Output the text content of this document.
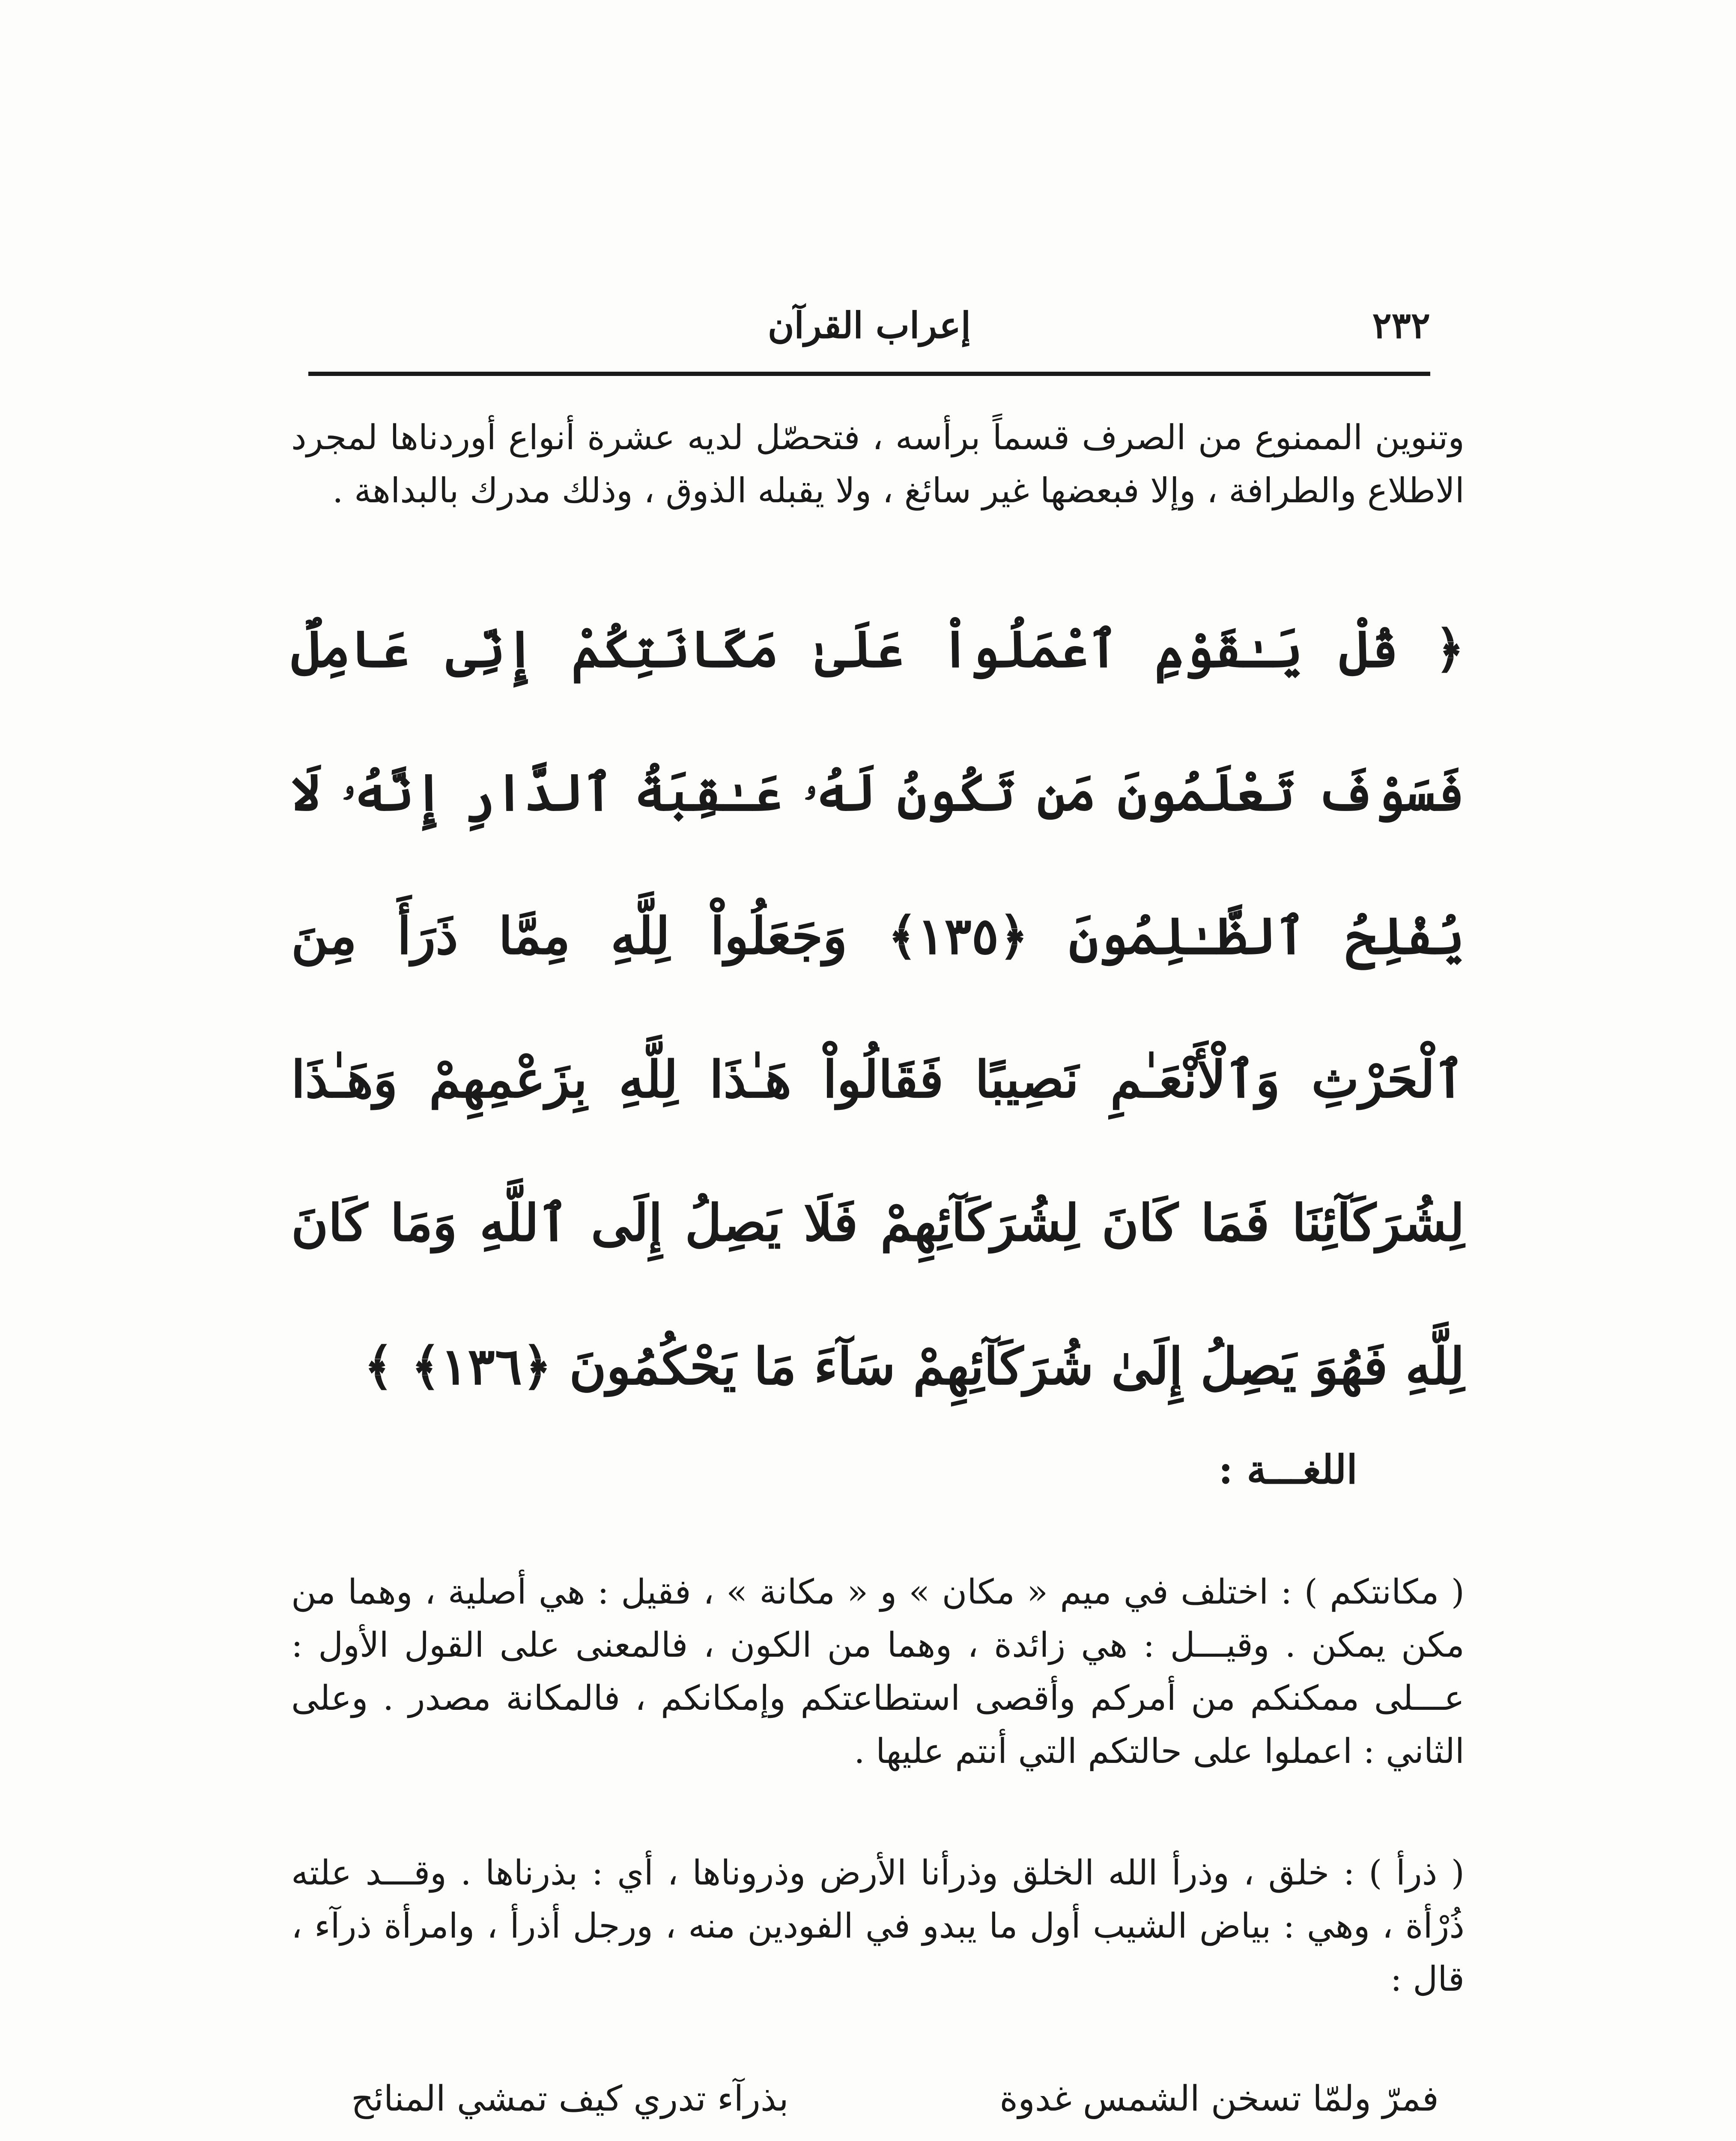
٢٣٢
إعراب القرآن

وتنوين الممنوع من الصرف قسماً برأسه ، فتحصّل لديه عشرة أنواع أوردناها لمجرد الاطلاع والطرافة ، وإلا فبعضها غير سائغ ، ولا يقبله الذوق ، وذلك مدرك بالبداهة .

﴿ قُلْ يَـٰقَوْمِ ٱعْمَلُواْ عَلَىٰ مَكَانَتِكُمْ إِنِّى عَامِلٌ فَسَوْفَ تَعْلَمُونَ مَن تَكُونُ لَهُۥ عَـٰقِبَةُ ٱلدَّارِ إِنَّهُۥ لَا يُفْلِحُ ٱلظَّـٰلِمُونَ ﴿١٣٥﴾ وَجَعَلُواْ لِلَّهِ مِمَّا ذَرَأَ مِنَ ٱلْحَرْثِ وَٱلْأَنْعَـٰمِ نَصِيبًا فَقَالُواْ هَـٰذَا لِلَّهِ بِزَعْمِهِمْ وَهَـٰذَا لِشُرَكَآئِنَا فَمَا كَانَ لِشُرَكَآئِهِمْ فَلَا يَصِلُ إِلَى ٱللَّهِ وَمَا كَانَ لِلَّهِ فَهُوَ يَصِلُ إِلَىٰ شُرَكَآئِهِمْ سَآءَ مَا يَحْكُمُونَ ﴿١٣٦﴾ ﴾

اللغـــة :

( مكانتكم ) : اختلف في ميم « مكان » و « مكانة » ، فقيل : هي أصلية ، وهما من مكن يمكن . وقيـــل : هي زائدة ، وهما من الكون ، فالمعنى على القول الأول : عـــلى ممكنكم من أمركم وأقصى استطاعتكم وإمكانكم ، فالمكانة مصدر . وعلى الثاني : اعملوا على حالتكم التي أنتم عليها .

( ذرأ ) : خلق ، وذرأ الله الخلق وذرأنا الأرض وذروناها ، أي : بذرناها . وقـــد علته ذُرْأة ، وهي : بياض الشيب أول ما يبدو في الفودين منه ، ورجل أذرأ ، وامرأة ذرآء ، قال :

فمرّ ولمّا تسخن الشمس غدوة
بذرآء تدري كيف تمشي المنائح
